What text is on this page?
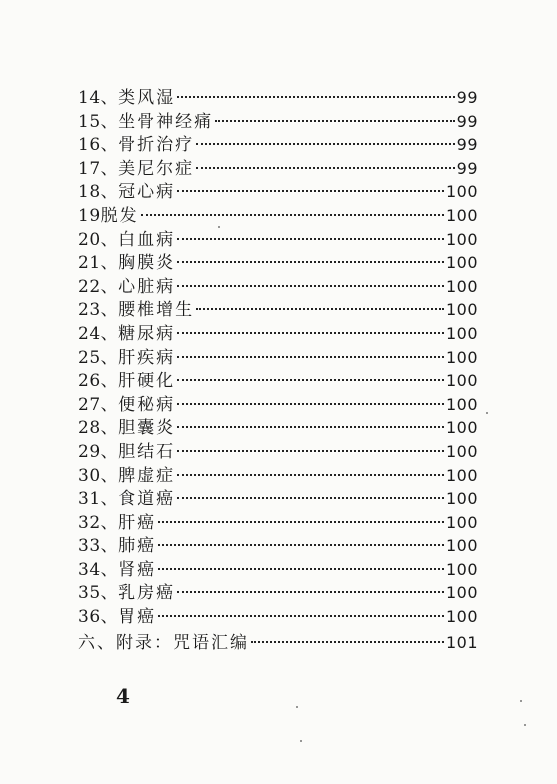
14、 类风湿	99
15、 坐骨神经痛	99
16、 骨折治疗	99
17、 美尼尔症	99
18、 冠心病	100
19 脱发	100
20、 白血病	100
21、 胸膜炎	100
22、 心脏病	100
23、 腰椎增生	100
24、 糖尿病	100
25、 肝疾病	100
26、 肝硬化	100
27、 便秘病	100
28、 胆囊炎	100
29、 胆结石	100
30、 脾虚症	100
31、 食道癌	100
32、 肝癌	100
33、 肺癌	100
34、 肾癌	100
35、 乳房癌	100
36、 胃癌	100
六、 附录：咒语汇编	101
4
